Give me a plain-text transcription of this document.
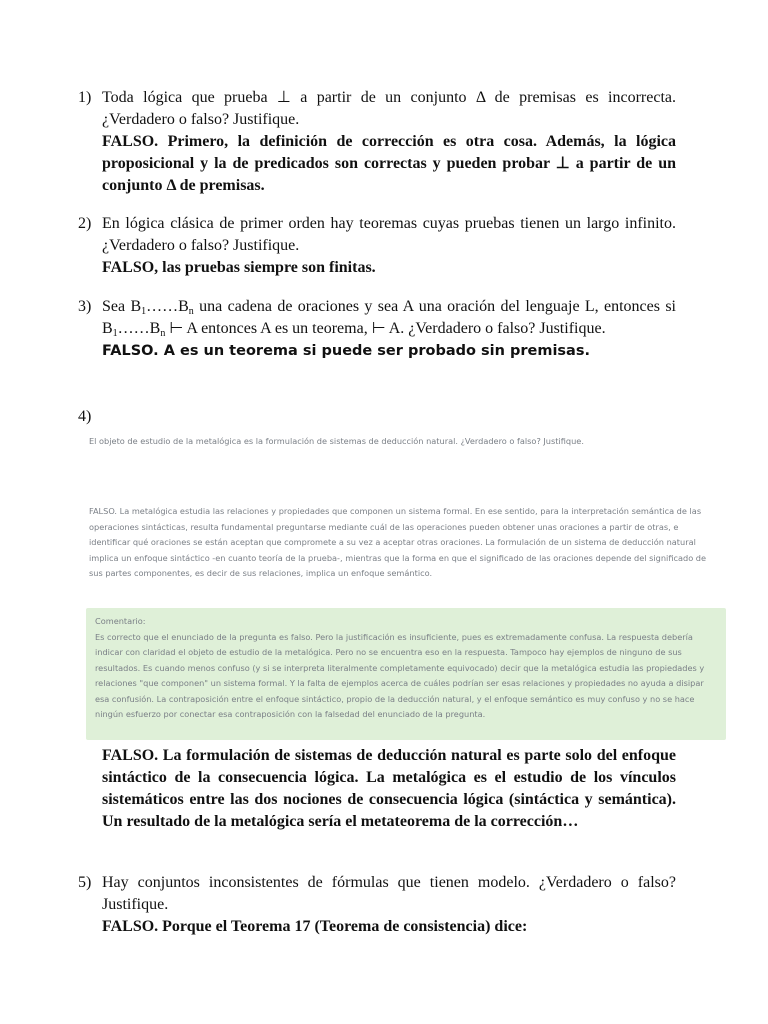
1) Toda lógica que prueba ⊥ a partir de un conjunto Δ de premisas es incorrecta. ¿Verdadero o falso? Justifique.
FALSO. Primero, la definición de corrección es otra cosa. Además, la lógica proposicional y la de predicados son correctas y pueden probar ⊥ a partir de un conjunto Δ de premisas.
2) En lógica clásica de primer orden hay teoremas cuyas pruebas tienen un largo infinito. ¿Verdadero o falso? Justifique.
FALSO, las pruebas siempre son finitas.
3) Sea $B_1\dots\dots B_n$ una cadena de oraciones y sea A una oración del lenguaje L, entonces si $B_1\dots\dots B_n$ ⊢ A entonces A es un teorema, ⊢ A. ¿Verdadero o falso? Justifique.
FALSO. A es un teorema si puede ser probado sin premisas.
4)
El objeto de estudio de la metalógica es la formulación de sistemas de deducción natural. ¿Verdadero o falso? Justifique.
FALSO. La metalógica estudia las relaciones y propiedades que componen un sistema formal. En ese sentido, para la interpretación semántica de las operaciones sintácticas, resulta fundamental preguntarse mediante cuál de las operaciones pueden obtener unas oraciones a partir de otras, e identificar qué oraciones se están aceptan que compromete a su vez a aceptar otras oraciones. La formulación de un sistema de deducción natural implica un enfoque sintáctico -en cuanto teoría de la prueba-, mientras que la forma en que el significado de las oraciones depende del significado de sus partes componentes, es decir de sus relaciones, implica un enfoque semántico.
Comentario:
Es correcto que el enunciado de la pregunta es falso. Pero la justificación es insuficiente, pues es extremadamente confusa. La respuesta debería indicar con claridad el objeto de estudio de la metalógica. Pero no se encuentra eso en la respuesta. Tampoco hay ejemplos de ninguno de sus resultados. Es cuando menos confuso (y si se interpreta literalmente completamente equivocado) decir que la metalógica estudia las propiedades y relaciones "que componen" un sistema formal. Y la falta de ejemplos acerca de cuáles podrían ser esas relaciones y propiedades no ayuda a disipar esa confusión. La contraposición entre el enfoque sintáctico, propio de la deducción natural, y el enfoque semántico es muy confuso y no se hace ningún esfuerzo por conectar esa contraposición con la falsedad del enunciado de la pregunta.
FALSO. La formulación de sistemas de deducción natural es parte solo del enfoque sintáctico de la consecuencia lógica. La metalógica es el estudio de los vínculos sistemáticos entre las dos nociones de consecuencia lógica (sintáctica y semántica). Un resultado de la metalógica sería el metateorema de la corrección…
5) Hay conjuntos inconsistentes de fórmulas que tienen modelo. ¿Verdadero o falso? Justifique.
FALSO. Porque el Teorema 17 (Teorema de consistencia) dice:
